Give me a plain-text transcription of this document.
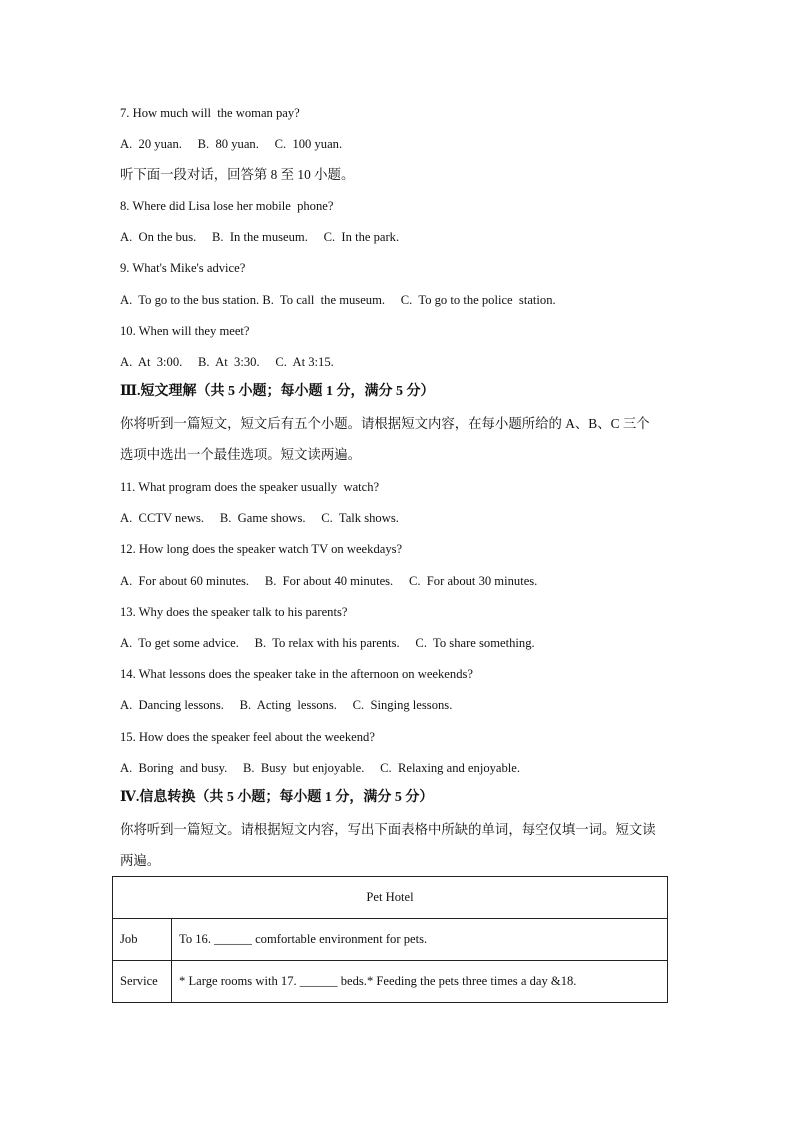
7. How much will  the woman pay?
A.  20 yuan.     B.  80 yuan.     C.  100 yuan.
听下面一段对话，回答第 8 至 10 小题。
8. Where did Lisa lose her mobile  phone?
A.  On the bus.     B.  In the museum.     C.  In the park.
9. What's Mike's advice?
A.  To go to the bus station. B.  To call  the museum.     C.  To go to the police  station.
10. When will they meet?
A.  At  3:00.     B.  At  3:30.     C.  At 3:15.
Ⅲ.短文理解（共 5 小题；每小题 1 分，满分 5 分）
你将听到一篇短文，短文后有五个小题。请根据短文内容，在每小题所给的 A、B、C 三个
选项中选出一个最佳选项。短文读两遍。
11. What program does the speaker usually  watch?
A.  CCTV news.     B.  Game shows.     C.  Talk shows.
12. How long does the speaker watch TV on weekdays?
A.  For about 60 minutes.     B.  For about 40 minutes.     C.  For about 30 minutes.
13. Why does the speaker talk to his parents?
A.  To get some advice.     B.  To relax with his parents.     C.  To share something.
14. What lessons does the speaker take in the afternoon on weekends?
A.  Dancing lessons.     B.  Acting  lessons.     C.  Singing lessons.
15. How does the speaker feel about the weekend?
A.  Boring  and busy.     B.  Busy  but enjoyable.     C.  Relaxing and enjoyable.
Ⅳ.信息转换（共 5 小题；每小题 1 分，满分 5 分）
你将听到一篇短文。请根据短文内容，写出下面表格中所缺的单词，每空仅填一词。短文读
两遍。
Pet Hotel	
Job	To 16. ______ comfortable environment for pets.
Service	* Large rooms with 17. ______ beds.* Feeding the pets three times a day &18.
